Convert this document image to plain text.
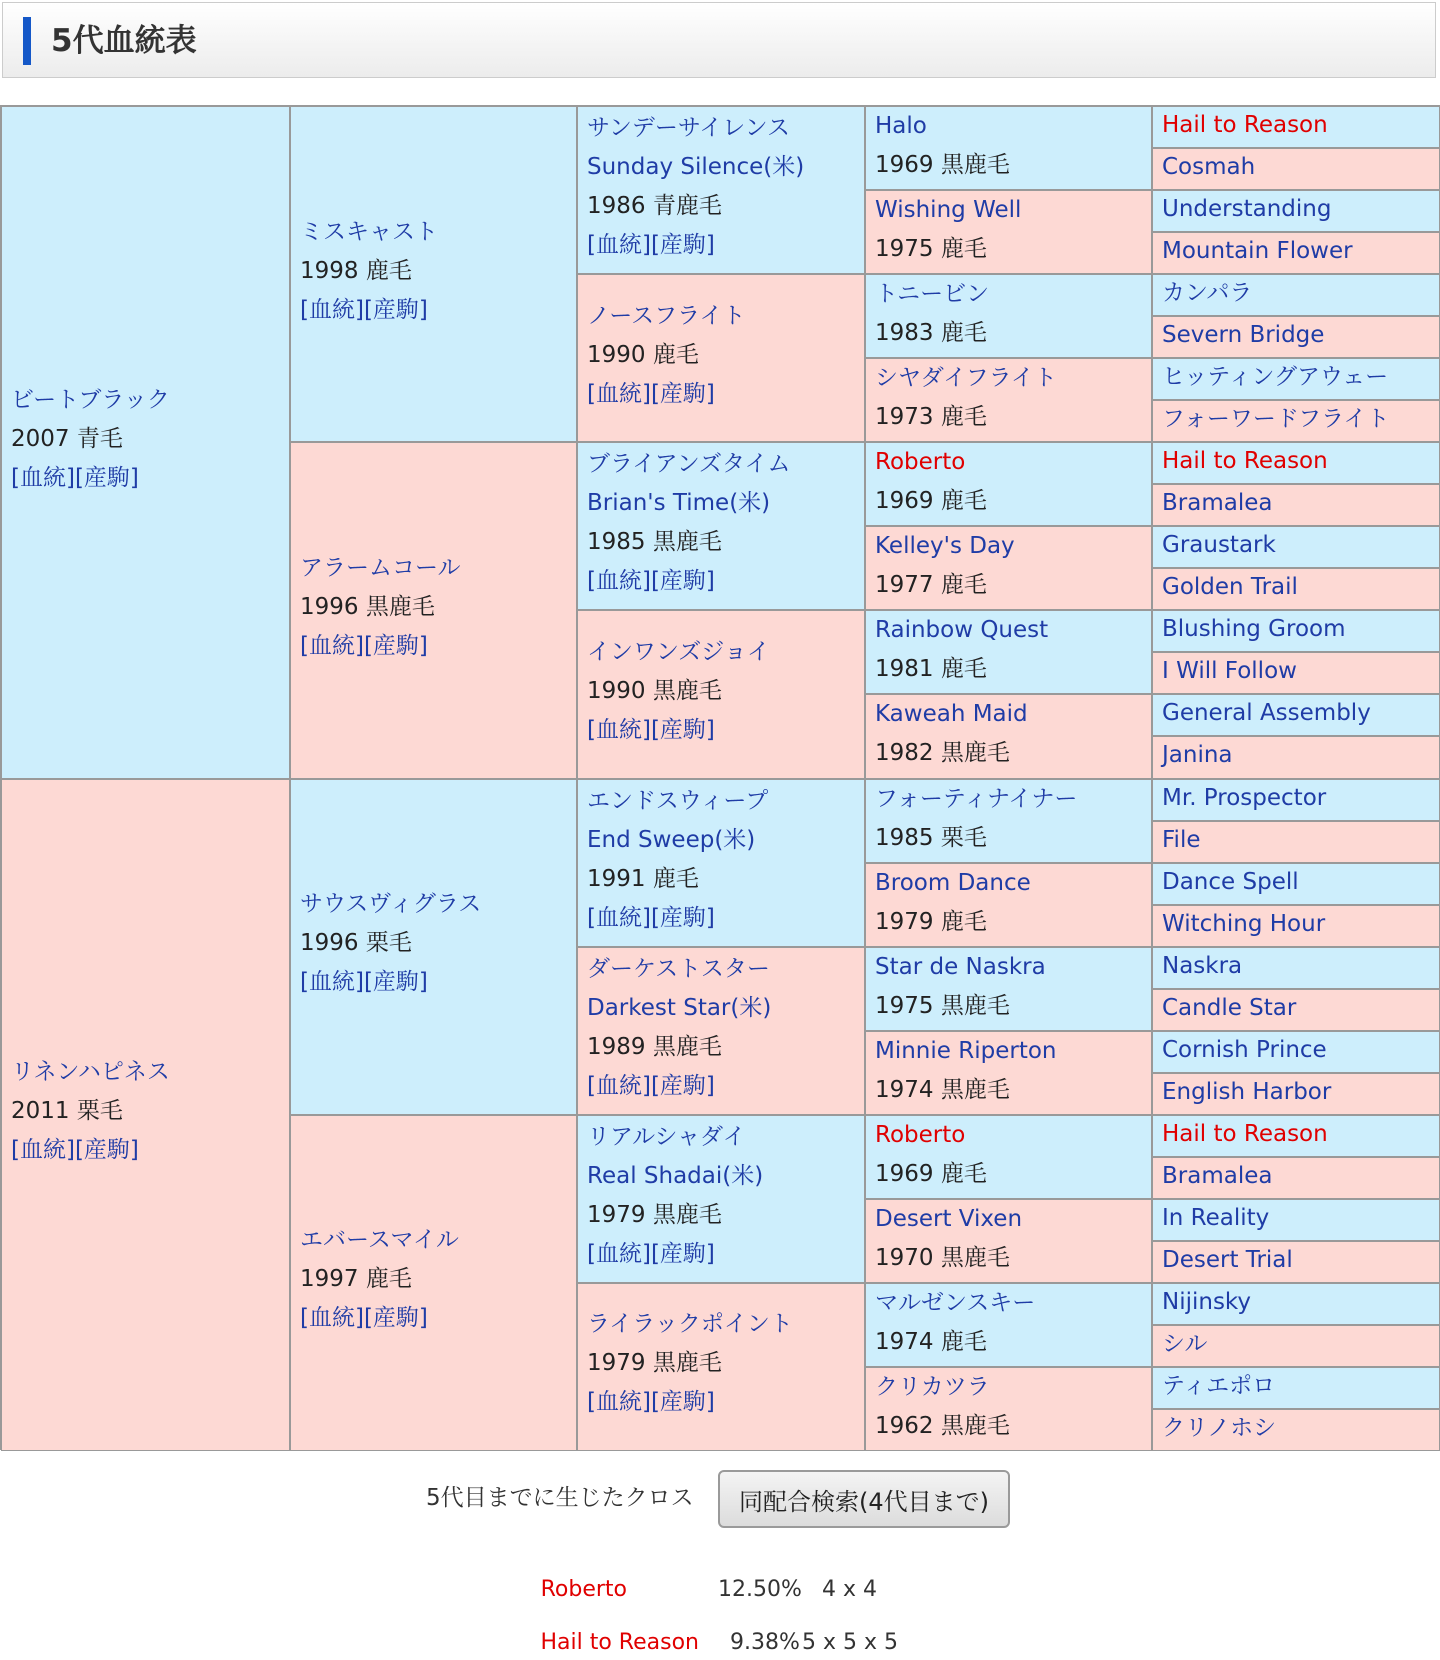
5代血統表
ビートブラック
2007 青毛
[血統][産駒]
リネンハピネス
2011 栗毛
[血統][産駒]
ミスキャスト
1998 鹿毛
[血統][産駒]
アラームコール
1996 黒鹿毛
[血統][産駒]
サウスヴィグラス
1996 栗毛
[血統][産駒]
エバースマイル
1997 鹿毛
[血統][産駒]
サンデーサイレンス
Sunday Silence(米)
1986 青鹿毛
[血統][産駒]
ノースフライト
1990 鹿毛
[血統][産駒]
ブライアンズタイム
Brian's Time(米)
1985 黒鹿毛
[血統][産駒]
インワンズジョイ
1990 黒鹿毛
[血統][産駒]
エンドスウィープ
End Sweep(米)
1991 鹿毛
[血統][産駒]
ダーケストスター
Darkest Star(米)
1989 黒鹿毛
[血統][産駒]
リアルシャダイ
Real Shadai(米)
1979 黒鹿毛
[血統][産駒]
ライラックポイント
1979 黒鹿毛
[血統][産駒]
Halo
1969 黒鹿毛
Wishing Well
1975 鹿毛
トニービン
1983 鹿毛
シヤダイフライト
1973 鹿毛
Roberto
1969 鹿毛
Kelley's Day
1977 鹿毛
Rainbow Quest
1981 鹿毛
Kaweah Maid
1982 黒鹿毛
フォーティナイナー
1985 栗毛
Broom Dance
1979 鹿毛
Star de Naskra
1975 黒鹿毛
Minnie Riperton
1974 黒鹿毛
Roberto
1969 鹿毛
Desert Vixen
1970 黒鹿毛
マルゼンスキー
1974 鹿毛
クリカツラ
1962 黒鹿毛
Hail to Reason
Cosmah
Understanding
Mountain Flower
カンパラ
Severn Bridge
ヒッティングアウェー
フォーワードフライト
Hail to Reason
Bramalea
Graustark
Golden Trail
Blushing Groom
I Will Follow
General Assembly
Janina
Mr. Prospector
File
Dance Spell
Witching Hour
Naskra
Candle Star
Cornish Prince
English Harbor
Hail to Reason
Bramalea
In Reality
Desert Trial
Nijinsky
シル
ティエポロ
クリノホシ
5代目までに生じたクロス	同配合検索(4代目まで)
Roberto	12.50% 4 x 4
Hail to Reason 9.38% 5 x 5 x 5
